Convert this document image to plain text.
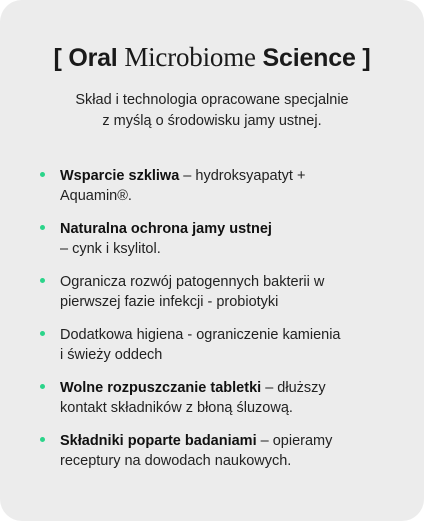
[ Oral Microbiome Science ]
Skład i technologia opracowane specjalnie
z myślą o środowisku jamy ustnej.
Wsparcie szkliwa – hydroksyapatyt +
Aquamin®.
Naturalna ochrona jamy ustnej
– cynk i ksylitol.
Ogranicza rozwój patogennych bakterii w
pierwszej fazie infekcji - probiotyki
Dodatkowa higiena - ograniczenie kamienia
i świeży oddech
Wolne rozpuszczanie tabletki – dłuższy
kontakt składników z błoną śluzową.
Składniki poparte badaniami – opieramy
receptury na dowodach naukowych.
